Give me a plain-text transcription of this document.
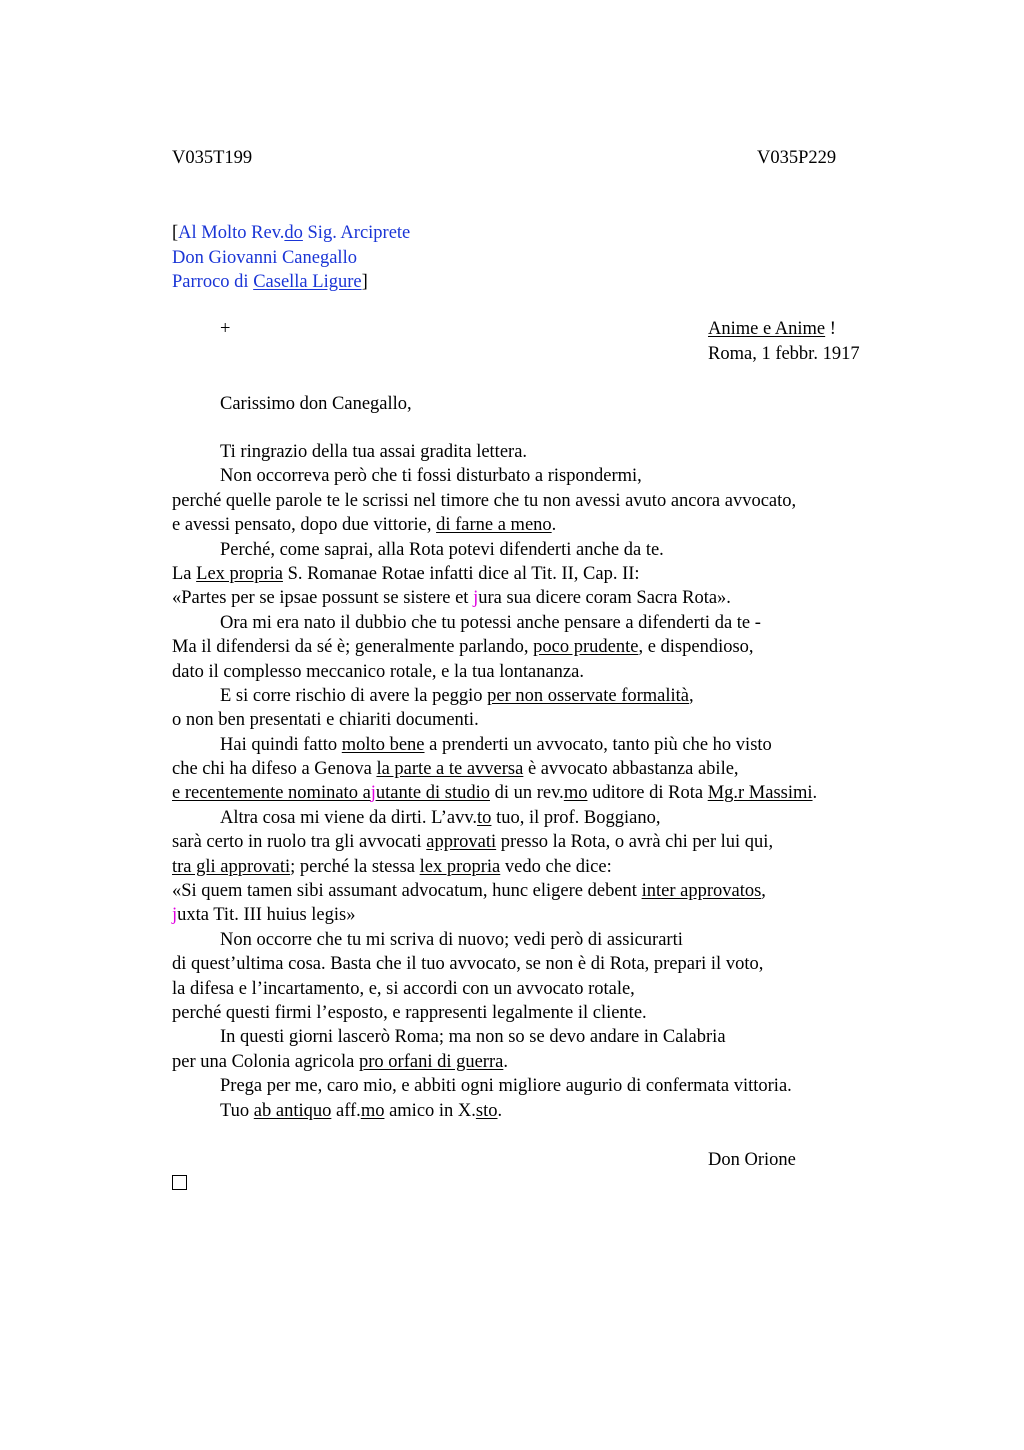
V035T199	V035P229
[Al Molto Rev.do Sig. Arciprete
Don Giovanni Canegallo
Parroco di Casella Ligure]
+	Anime e Anime !
Roma, 1 febbr. 1917
Carissimo don Canegallo,
Ti ringrazio della tua assai gradita lettera.
Non occorreva però che ti fossi disturbato a rispondermi,
perché quelle parole te le scrissi nel timore che tu non avessi avuto ancora avvocato,
e avessi pensato, dopo due vittorie, di farne a meno.
Perché, come saprai, alla Rota potevi difenderti anche da te.
La Lex propria S. Romanae Rotae infatti dice al Tit. II, Cap. II:
«Partes per se ipsae possunt se sistere et jura sua dicere coram Sacra Rota».
Ora mi era nato il dubbio che tu potessi anche pensare a difenderti da te -
Ma il difendersi da sé è; generalmente parlando, poco prudente, e dispendioso,
dato il complesso meccanico rotale, e la tua lontananza.
E si corre rischio di avere la peggio per non osservate formalità,
o non ben presentati e chiariti documenti.
Hai quindi fatto molto bene a prenderti un avvocato, tanto più che ho visto
che chi ha difeso a Genova la parte a te avversa è avvocato abbastanza abile,
e recentemente nominato ajutante di studio di un rev.mo uditore di Rota Mg.r Massimi.
Altra cosa mi viene da dirti. L’avv.to tuo, il prof. Boggiano,
sarà certo in ruolo tra gli avvocati approvati presso la Rota, o avrà chi per lui qui,
tra gli approvati; perché la stessa lex propria vedo che dice:
«Si quem tamen sibi assumant advocatum, hunc eligere debent inter approvatos,
juxta Tit. III huius legis»
Non occorre che tu mi scriva di nuovo; vedi però di assicurarti
di quest’ultima cosa. Basta che il tuo avvocato, se non è di Rota, prepari il voto,
la difesa e l’incartamento, e, si accordi con un avvocato rotale,
perché questi firmi l’esposto, e rappresenti legalmente il cliente.
In questi giorni lascerò Roma; ma non so se devo andare in Calabria
per una Colonia agricola pro orfani di guerra.
Prega per me, caro mio, e abbiti ogni migliore augurio di confermata vittoria.
Tuo ab antiquo aff.mo amico in X.sto.
Don Orione
